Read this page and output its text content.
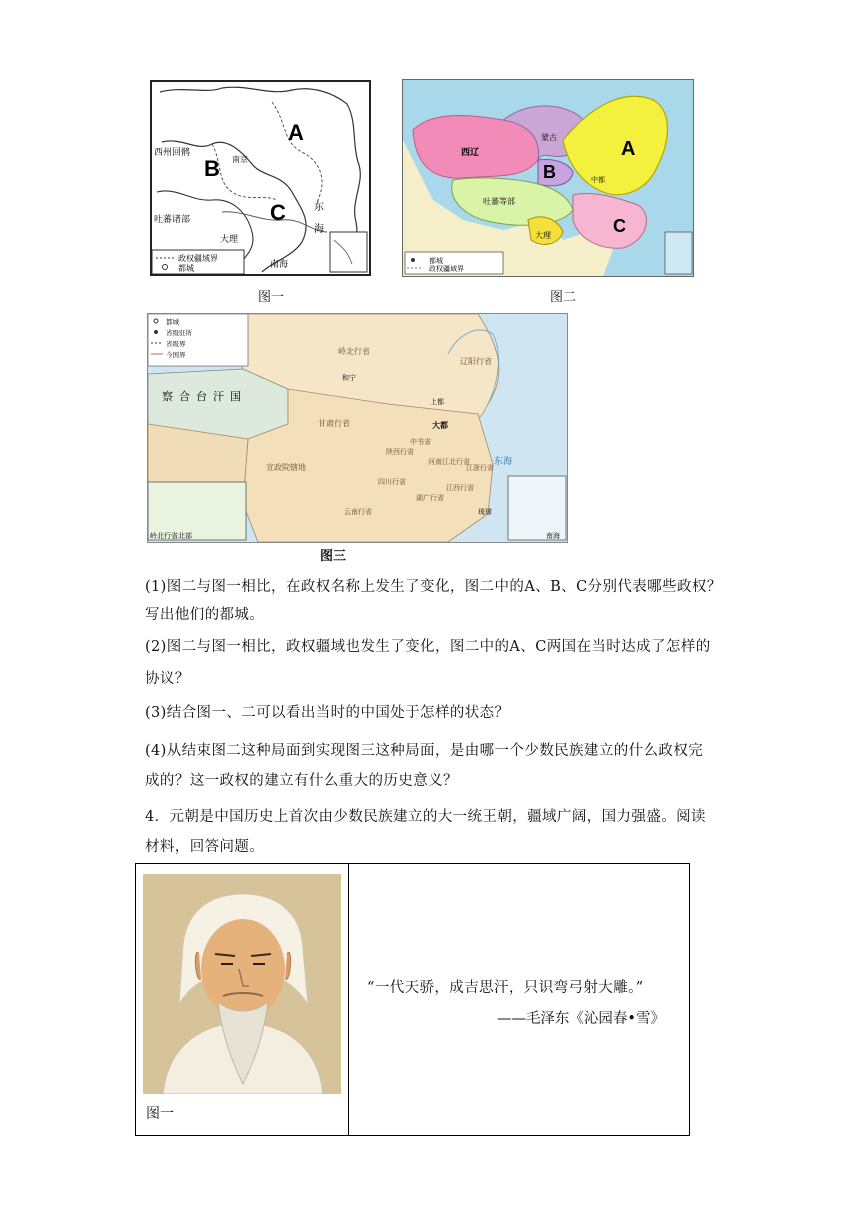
政权疆域界
都城
A
B
C
西州回鹘
吐蕃诸部
大理
南京
东
海
南海
图一
都城
政权疆域界
A
B
C
西辽
蒙古
吐蕃等部
大理
中都
图二
都城
省级驻所
省级界
今国界
岭北行省北部	南海
察合台汗国
岭北行省
辽阳行省
和宁
上都
大都
甘肃行省
宣政院辖地
中书省
陕西行省
河南江北行省
四川行省
云南行省
湖广行省
江西行省
江浙行省
琉球
东海
图三
(1)图二与图一相比，在政权名称上发生了变化，图二中的A、B、C分别代表哪些政权？
写出他们的都城。
(2)图二与图一相比，政权疆域也发生了变化，图二中的A、C两国在当时达成了怎样的
协议？
(3)结合图一、二可以看出当时的中国处于怎样的状态？
(4)从结束图二这种局面到实现图三这种局面，是由哪一个少数民族建立的什么政权完
成的？这一政权的建立有什么重大的历史意义？
4．元朝是中国历史上首次由少数民族建立的大一统王朝，疆域广阔，国力强盛。阅读
材料，回答问题。
图一

“一代天骄，成吉思汗，只识弯弓射大雕。”
——毛泽东《沁园春•雪》
